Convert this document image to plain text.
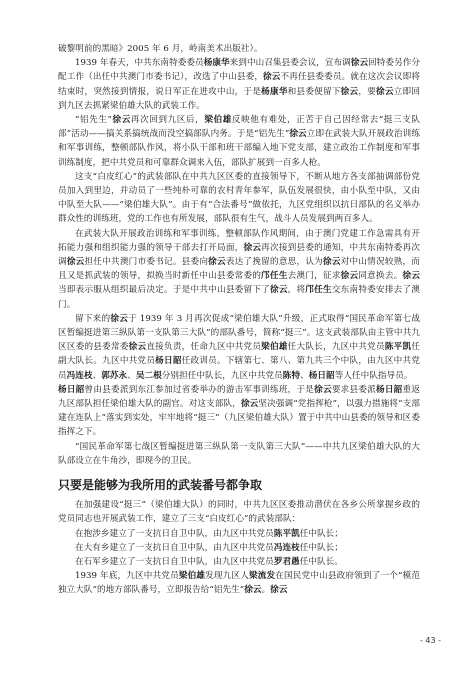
破黎明前的黑暗》2005 年 6 月，岭南美术出版社）。

1939 年春天，中共东南特委委员杨康华来到中山召集县委会议，宣布调徐云回特委另作分配工作（出任中共澳门市委书记），改选了中山县委，徐云不再任县委委员。就在这次会议即将结束时，突然接到情报，说日军正在进攻中山，于是杨康华和县委便留下徐云，要徐云立即回到九区去抓紧梁伯雄大队的武装工作。

“铝先生”徐云再次回到九区后，梁伯雄反映他有难处，正苦于自己因经常去“挺三支队部”活动——搞关系搞统战而没空搞部队内务。于是“铝先生”徐云立即在武装大队开展政治训练和军事训练，整顿部队作风，将小队干部和班干部编入地下党支部，建立政治工作制度和军事训练制度，把中共党员和可靠群众调来入伍，部队扩展到一百多人枪。

这支“白皮红心”的武装部队在中共九区区委的直接领导下，不断从地方各支部抽调部份党员加入到里边，并动员了一些纯朴可靠的农村青年参军，队伍发展很快，由小队至中队，又由中队至大队——“梁伯雄大队”。由于有“合法番号”做依托，九区党组织以抗日部队的名义举办群众性的训练班，党的工作也有所发展，部队很有生气，战斗人员发展到两百多人。

在武装大队开展政治训练和军事训练，整顿部队作风期间，由于澳门党建工作急需具有开拓能力强和组织能力强的领导干部去打开局面，徐云再次接到县委的通知，中共东南特委再次调徐云担任中共澳门市委书记。县委向徐云表达了挽留的意思，认为徐云对中山情况较熟，而且又是抓武装的领导，拟换当时新任中山县委常委的邝任生去澳门，征求徐云同意换去。徐云当即表示服从组织最后决定。于是中共中山县委留下了徐云，将邝任生交东南特委安排去了澳门。

留下来的徐云于 1939 年 3 月再次促成“梁伯雄大队”升级，正式取得“国民革命军第七战区暂编挺进第三纵队第一支队第三大队”的部队番号，简称“挺三”。这支武装部队由主管中共九区区委的县委常委徐云直接负责，任命九区中共党员梁伯雄任大队长，九区中共党员陈平凯任副大队长。九区中共党员杨日韶任政训员。下辖第七、第八、第九共三个中队，由九区中共党员冯连枝、郭苏永、吴二根分别担任中队长，九区中共党员陈特、杨日韶等人任中队指导员。

杨日韶曾由县委派到东江参加过省委举办的游击军事训练班，于是徐云要求县委派杨日韶重返九区部队担任梁伯雄大队的副官。对这支部队，徐云坚决强调“党指挥枪”，以强力措施将“支部建在连队上”落实到实处，牢牢地将“挺三”（九区梁伯雄大队）置于中共中山县委的领导和区委指挥之下。

“国民革命军第七战区暂编挺进第三纵队第一支队第三大队”——中共九区梁伯雄大队的大队部设立在牛角沙，即现今的卫民。

只要是能够为我所用的武装番号都争取

在加强建设“挺三”（梁伯雄大队）的同时，中共九区区委推动潜伏在各乡公所掌握乡政的党员同志也开展武装工作，建立了三支“白皮红心”的武装部队：

在抱涉乡建立了一支抗日自卫中队，由九区中共党员陈平凯任中队长；

在大有乡建立了一支抗日自卫中队，由九区中共党员冯连枝任中队长；

在石军乡建立了一支抗日自卫中队，由九区中共党员罗君愚任中队长。

1939 年底，九区中共党员梁伯雄发现九区人梁流发在国民党中山县政府领到了一个“模范独立大队”的地方部队番号，立即报告给“铝先生”徐云。徐云

- 43 -
